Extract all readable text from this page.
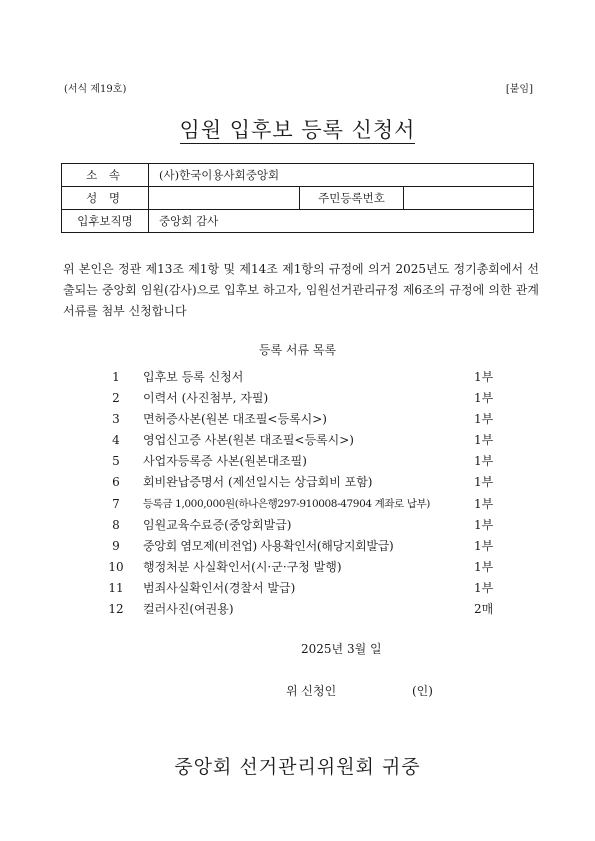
(서식 제19호)	[붙임]
임원 입후보 등록 신청서
소 속	(사)한국이용사회중앙회		
성 명		주민등록번호	
입후보직명	중앙회 감사		
위 본인은 정관 제13조 제1항 및 제14조 제1항의 규정에 의거 2025년도 정기총회에서 선출되는 중앙회 임원(감사)으로 입후보 하고자, 임원선거관리규정 제6조의 규정에 의한 관계서류를 첨부 신청합니다
등록 서류 목록
1	입후보 등록 신청서	1부
2	이력서 (사진첨부, 자필)	1부
3	면허증사본(원본 대조필<등록시>)	1부
4	영업신고증 사본(원본 대조필<등록시>)	1부
5	사업자등록증 사본(원본대조필)	1부
6	회비완납증명서 (제선일시는 상급회비 포함)	1부
7	등록금 1,000,000원(하나은행297-910008-47904 계좌로 납부)	1부
8	임원교육수료증(중앙회발급)	1부
9	중앙회 염모제(비전업) 사용확인서(해당지회발급)	1부
10 행정처분 사실확인서(시·군·구청 발행)	1부
11 범죄사실확인서(경찰서 발급)	1부
12 컬러사진(여권용)	2매
2025년 3월 일
위 신청인	(인)
중앙회 선거관리위원회 귀중
